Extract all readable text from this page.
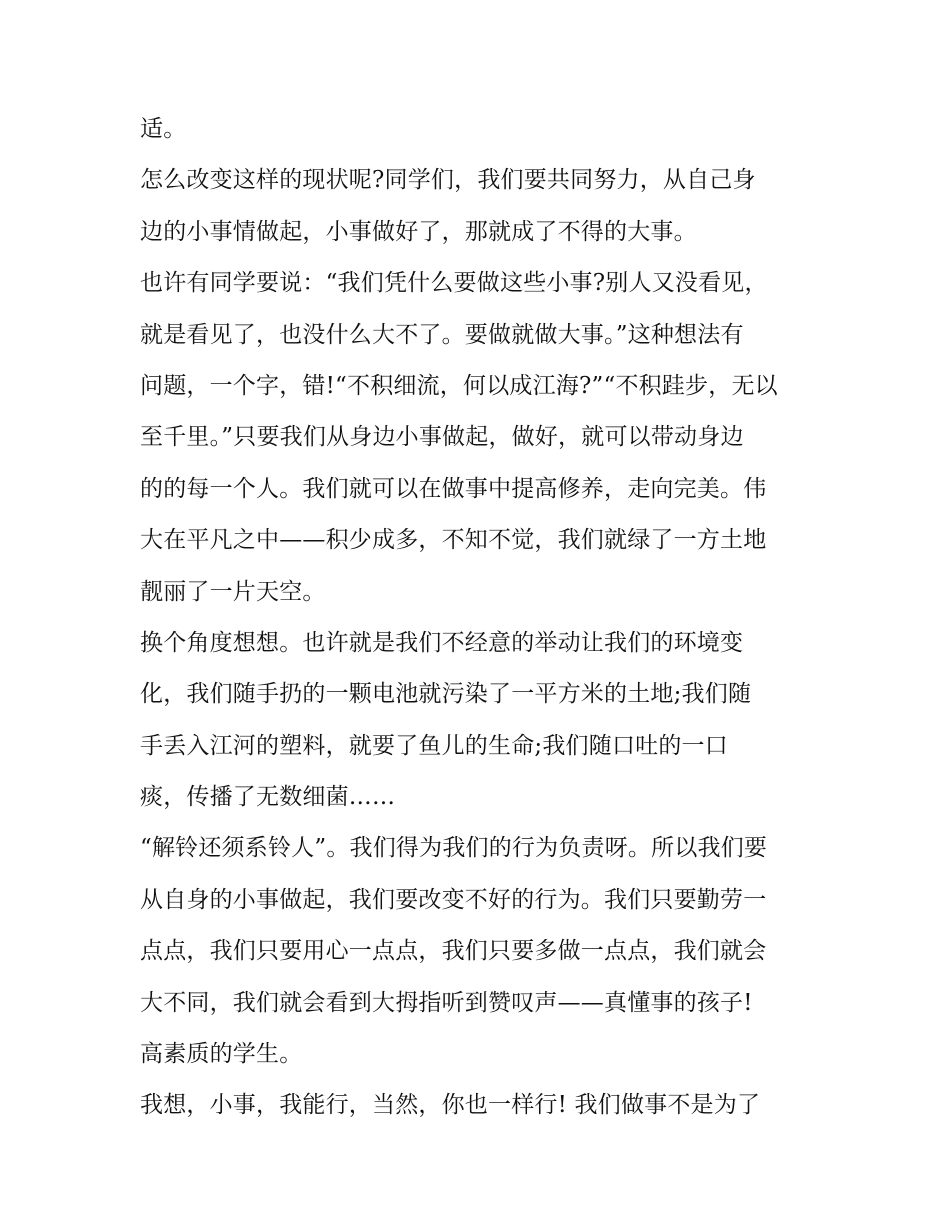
适。
怎么改变这样的现状呢?同学们，我们要共同努力，从自己身
边的小事情做起，小事做好了，那就成了不得的大事。
也许有同学要说：“我们凭什么要做这些小事?别人又没看见，
就是看见了，也没什么大不了。要做就做大事。”这种想法有
问题，一个字，错!“不积细流，何以成江海?”“不积跬步，无以
至千里。”只要我们从身边小事做起，做好，就可以带动身边
的的每一个人。我们就可以在做事中提高修养，走向完美。伟
大在平凡之中——积少成多，不知不觉，我们就绿了一方土地
靓丽了一片天空。
换个角度想想。也许就是我们不经意的举动让我们的环境变
化，我们随手扔的一颗电池就污染了一平方米的土地;我们随
手丢入江河的塑料，就要了鱼儿的生命;我们随口吐的一口
痰，传播了无数细菌……
“解铃还须系铃人”。我们得为我们的行为负责呀。所以我们要
从自身的小事做起，我们要改变不好的行为。我们只要勤劳一
点点，我们只要用心一点点，我们只要多做一点点，我们就会
大不同，我们就会看到大拇指听到赞叹声——真懂事的孩子!
高素质的学生。
我想，小事，我能行，当然，你也一样行! 我们做事不是为了
